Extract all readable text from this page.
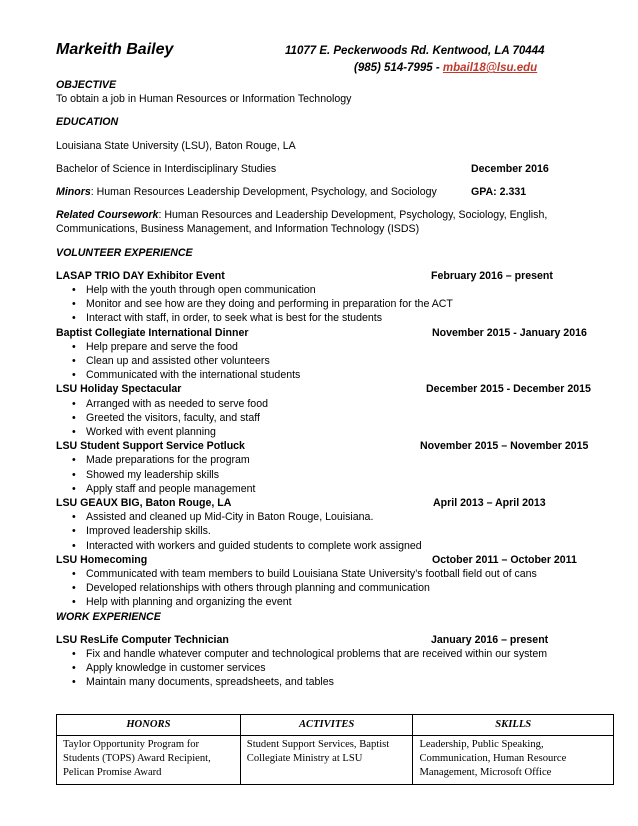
Markeith Bailey	11077 E. Peckerwoods Rd. Kentwood, LA 70444
(985) 514-7995 - mbail18@lsu.edu
OBJECTIVE
To obtain a job in Human Resources or Information Technology
EDUCATION
Louisiana State University (LSU), Baton Rouge, LA
Bachelor of Science in Interdisciplinary Studies	December 2016
Minors: Human Resources Leadership Development, Psychology, and Sociology	GPA: 2.331
Related Coursework: Human Resources and Leadership Development, Psychology, Sociology, English, Communications, Business Management, and Information Technology (ISDS)
VOLUNTEER EXPERIENCE
LASAP TRIO DAY Exhibitor Event	February 2016 – present
• Help with the youth through open communication
• Monitor and see how are they doing and performing in preparation for the ACT
• Interact with staff, in order, to seek what is best for the students
Baptist Collegiate International Dinner	November 2015 - January 2016
• Help prepare and serve the food
• Clean up and assisted other volunteers
• Communicated with the international students
LSU Holiday Spectacular	December 2015 - December 2015
• Arranged with as needed to serve food
• Greeted the visitors, faculty, and staff
• Worked with event planning
LSU Student Support Service Potluck	November 2015 – November 2015
• Made preparations for the program
• Showed my leadership skills
• Apply staff and people management
LSU GEAUX BIG, Baton Rouge, LA	April 2013 – April 2013
• Assisted and cleaned up Mid-City in Baton Rouge, Louisiana.
• Improved leadership skills.
• Interacted with workers and guided students to complete work assigned
LSU Homecoming	October 2011 – October 2011
• Communicated with team members to build Louisiana State University’s football field out of cans
• Developed relationships with others through planning and communication
• Help with planning and organizing the event
WORK EXPERIENCE
LSU ResLife Computer Technician	January 2016 – present
• Fix and handle whatever computer and technological problems that are received within our system
• Apply knowledge in customer services
• Maintain many documents, spreadsheets, and tables
HONORS	ACTIVITES	SKILLS
Taylor Opportunity Program for Students (TOPS) Award Recipient, Pelican Promise Award	Student Support Services, Baptist Collegiate Ministry at LSU	Leadership, Public Speaking, Communication, Human Resource Management, Microsoft Office
